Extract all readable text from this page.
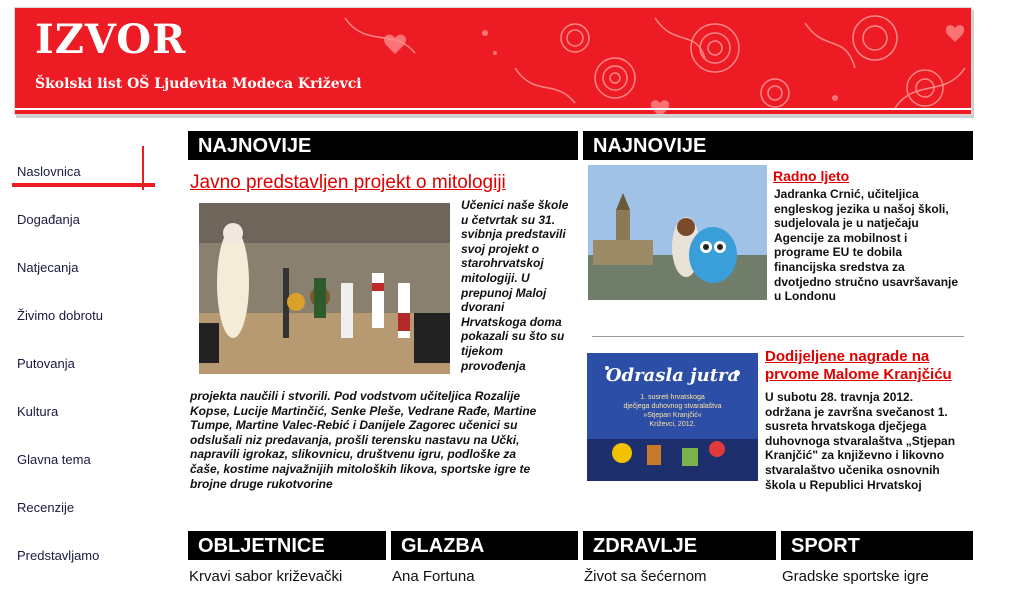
IZVOR
Školski list OŠ Ljudevita Modeca Križevci
Naslovnica
Događanja
Natjecanja
Živimo dobrotu
Putovanja
Kultura
Glavna tema
Recenzije
Predstavljamo
NAJNOVIJE	NAJNOVIJE
Javno predstavljen projekt o mitologiji
Učenici naše škole
u četvrtak su 31.
svibnja predstavili
svoj projekt o
starohrvatskoj
mitologiji. U
prepunoj Maloj
dvorani
Hrvatskoga doma
pokazali su što su
tijekom
provođenja
projekta naučili i stvorili. Pod vodstvom učiteljica Rozalije
Kopse, Lucije Martinčić, Senke Pleše, Vedrane Rađe, Martine
Tumpe, Martine Valec-Rebić i Danijele Zagorec učenici su
odslušali niz predavanja, prošli terensku nastavu na Učki,
napravili igrokaz, slikovnicu, društvenu igru, podloške za
čaše, kostime najvažnijih mitoloških likova, sportske igre te
brojne druge rukotvorine
Radno ljeto
Jadranka Crnić, učiteljica
engleskog jezika u našoj školi,
sudjelovala je u natječaju
Agencije za mobilnost i
programe EU te dobila
financijska sredstva za
dvotjedno stručno usavršavanje
u Londonu
Odrasla jutra
1. susreti hrvatskoga
dječjega duhovnog stvaralaštva
»Stjepan Kranjčić«
Križevci, 2012.
Dodijeljene nagrade na
prvome Malome Kranjčiću
U subotu 28. travnja 2012.
održana je završna svečanost 1.
susreta hrvatskoga dječjega
duhovnoga stvaralaštva „Stjepan
Kranjčić" za književno i likovno
stvaralaštvo učenika osnovnih
škola u Republici Hrvatskoj
OBLJETNICE	GLAZBA	ZDRAVLJE	SPORT
Krvavi sabor križevački	Ana Fortuna	Život sa šećernom	Gradske sportske igre
